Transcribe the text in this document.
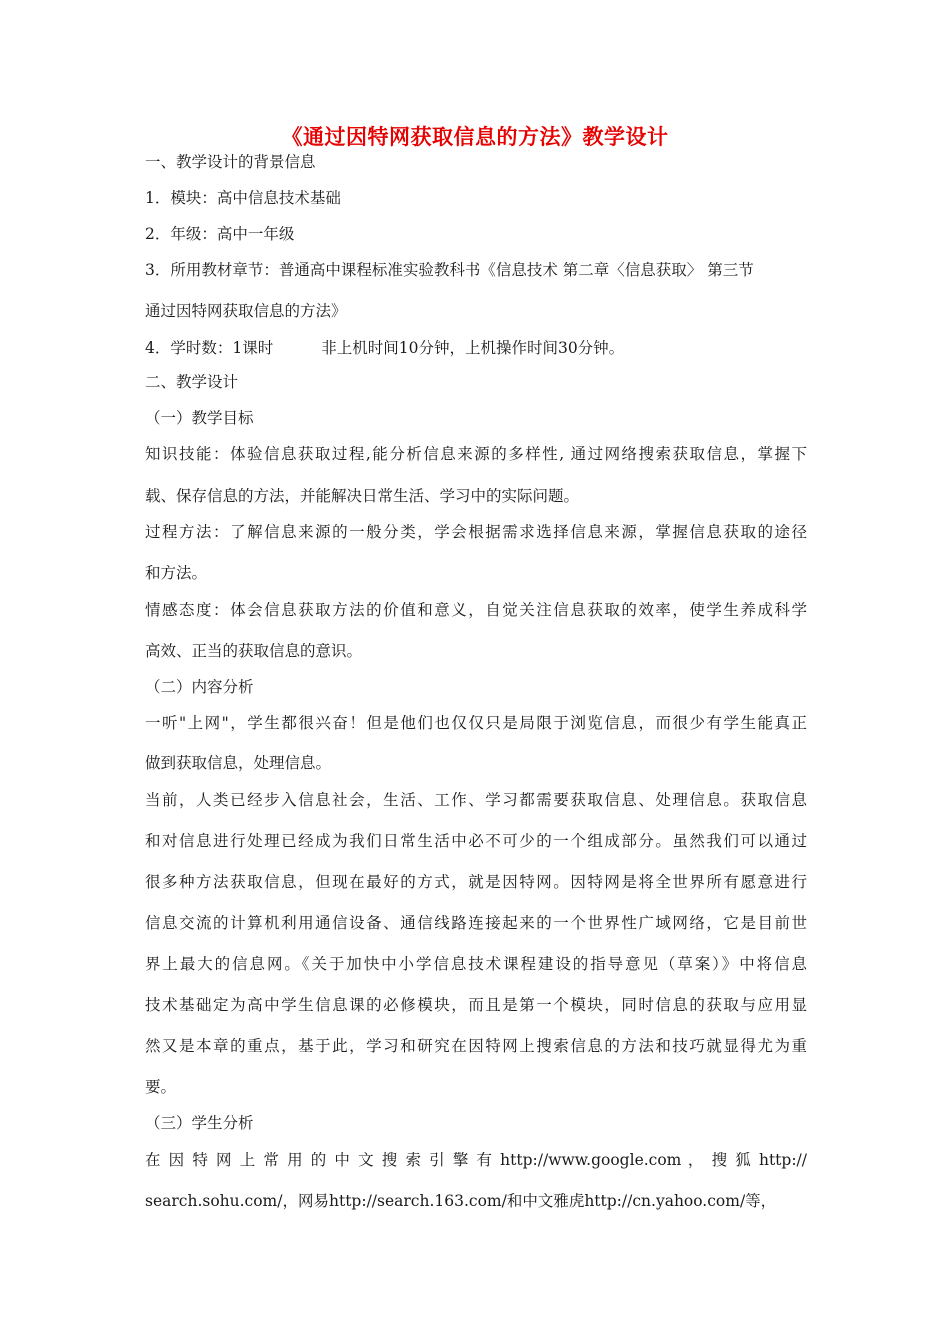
《通过因特网获取信息的方法》教学设计
一、教学设计的背景信息
1．模块：高中信息技术基础
2．年级：高中一年级
3．所用教材章节：普通高中课程标准实验教科书《信息技术 第二章〈信息获取〉 第三节
通过因特网获取信息的方法》
4．学时数：1课时	非上机时间10分钟，上机操作时间30分钟。
二、教学设计
（一）教学目标
知识技能：体验信息获取过程,能分析信息来源的多样性, 通过网络搜索获取信息，掌握下
载、保存信息的方法，并能解决日常生活、学习中的实际问题。
过程方法：了解信息来源的一般分类，学会根据需求选择信息来源，掌握信息获取的途径
和方法。
情感态度：体会信息获取方法的价值和意义，自觉关注信息获取的效率，使学生养成科学
高效、正当的获取信息的意识。
（二）内容分析
一听"上网"，学生都很兴奋！但是他们也仅仅只是局限于浏览信息，而很少有学生能真正
做到获取信息，处理信息。
当前，人类已经步入信息社会，生活、工作、学习都需要获取信息、处理信息。获取信息
和对信息进行处理已经成为我们日常生活中必不可少的一个组成部分。虽然我们可以通过
很多种方法获取信息，但现在最好的方式，就是因特网。因特网是将全世界所有愿意进行
信息交流的计算机利用通信设备、通信线路连接起来的一个世界性广域网络，它是目前世
界上最大的信息网。《关于加快中小学信息技术课程建设的指导意见（草案）》中将信息
技术基础定为高中学生信息课的必修模块，而且是第一个模块，同时信息的获取与应用显
然又是本章的重点，基于此，学习和研究在因特网上搜索信息的方法和技巧就显得尤为重
要。
（三）学生分析
在 因 特 网 上 常 用 的 中 文 搜 索 引 擎 有 http://www.google.com ， 搜 狐 http://
search.sohu.com/，网易http://search.163.com/和中文雅虎http://cn.yahoo.com/等，
